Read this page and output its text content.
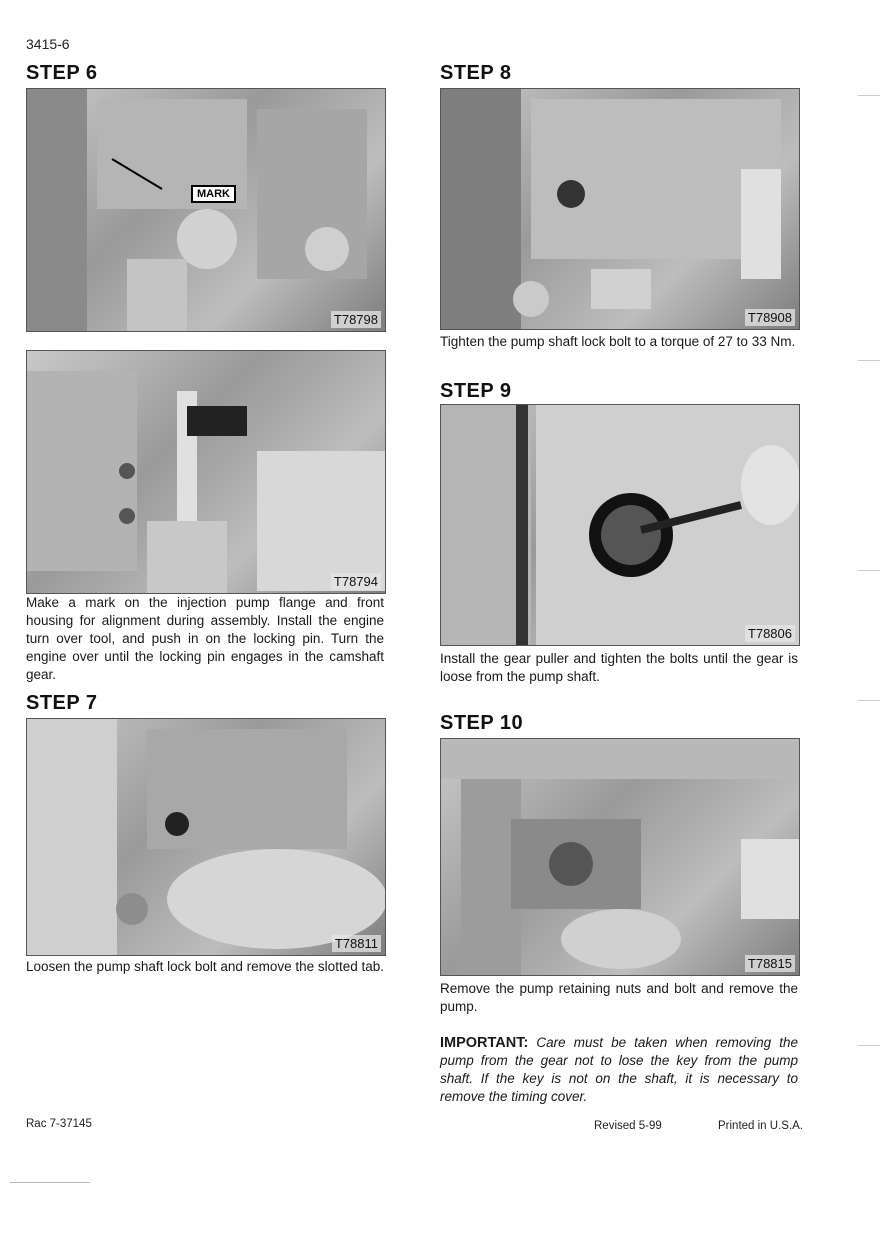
3415-6
STEP 6
MARK
T78798
T78794
Make a mark on the injection pump flange and front housing for alignment during assembly. Install the engine turn over tool, and push in on the locking pin. Turn the engine over until the locking pin engages in the camshaft gear.
STEP 7
T78811
Loosen the pump shaft lock bolt and remove the slotted tab.
STEP 8
T78908
Tighten the pump shaft lock bolt to a torque of 27 to 33 Nm.
STEP 9
T78806
Install the gear puller and tighten the bolts until the gear is loose from the pump shaft.
STEP 10
T78815
Remove the pump retaining nuts and bolt and remove the pump.
IMPORTANT: Care must be taken when removing the pump from the gear not to lose the key from the pump shaft. If the key is not on the shaft, it is necessary to remove the timing cover.
Rac 7-37145	Revised 5-99	Printed in U.S.A.
